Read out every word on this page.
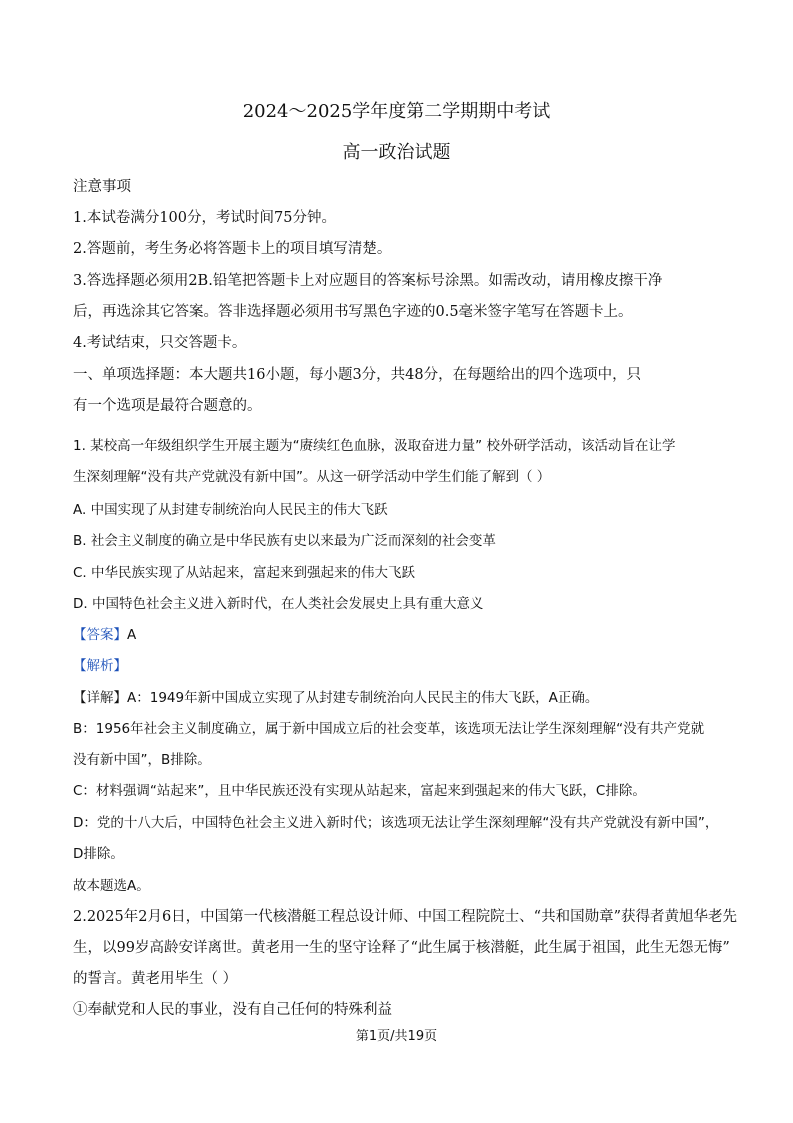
2024～2025学年度第二学期期中考试
高一政治试题
注意事项
1.本试卷满分100分，考试时间75分钟。
2.答题前，考生务必将答题卡上的项目填写清楚。
3.答选择题必须用2B.铅笔把答题卡上对应题目的答案标号涂黑。如需改动，请用橡皮擦干净
后，再选涂其它答案。答非选择题必须用书写黑色字迹的0.5毫米签字笔写在答题卡上。
4.考试结束，只交答题卡。
一、单项选择题：本大题共16小题，每小题3分，共48分，在每题给出的四个选项中，只
有一个选项是最符合题意的。
1. 某校高一年级组织学生开展主题为“赓续红色血脉，汲取奋进力量” 校外研学活动，该活动旨在让学
生深刻理解“没有共产党就没有新中国”。从这一研学活动中学生们能了解到（ ）
A. 中国实现了从封建专制统治向人民民主的伟大飞跃
B. 社会主义制度的确立是中华民族有史以来最为广泛而深刻的社会变革
C. 中华民族实现了从站起来，富起来到强起来的伟大飞跃
D. 中国特色社会主义进入新时代，在人类社会发展史上具有重大意义
【答案】A
【解析】
【详解】A：1949年新中国成立实现了从封建专制统治向人民民主的伟大飞跃，A正确。
B：1956年社会主义制度确立，属于新中国成立后的社会变革，该选项无法让学生深刻理解“没有共产党就
没有新中国”，B排除。
C：材料强调“站起来”，且中华民族还没有实现从站起来，富起来到强起来的伟大飞跃，C排除。
D：党的十八大后，中国特色社会主义进入新时代；该选项无法让学生深刻理解“没有共产党就没有新中国”，
D排除。
故本题选A。
2.2025年2月6日，中国第一代核潜艇工程总设计师、中国工程院院士、“共和国勋章”获得者黄旭华老先
生，以99岁高龄安详离世。黄老用一生的坚守诠释了“此生属于核潜艇，此生属于祖国，此生无怨无悔”
的誓言。黄老用毕生（ ）
①奉献党和人民的事业，没有自己任何的特殊利益
第1页/共19页
